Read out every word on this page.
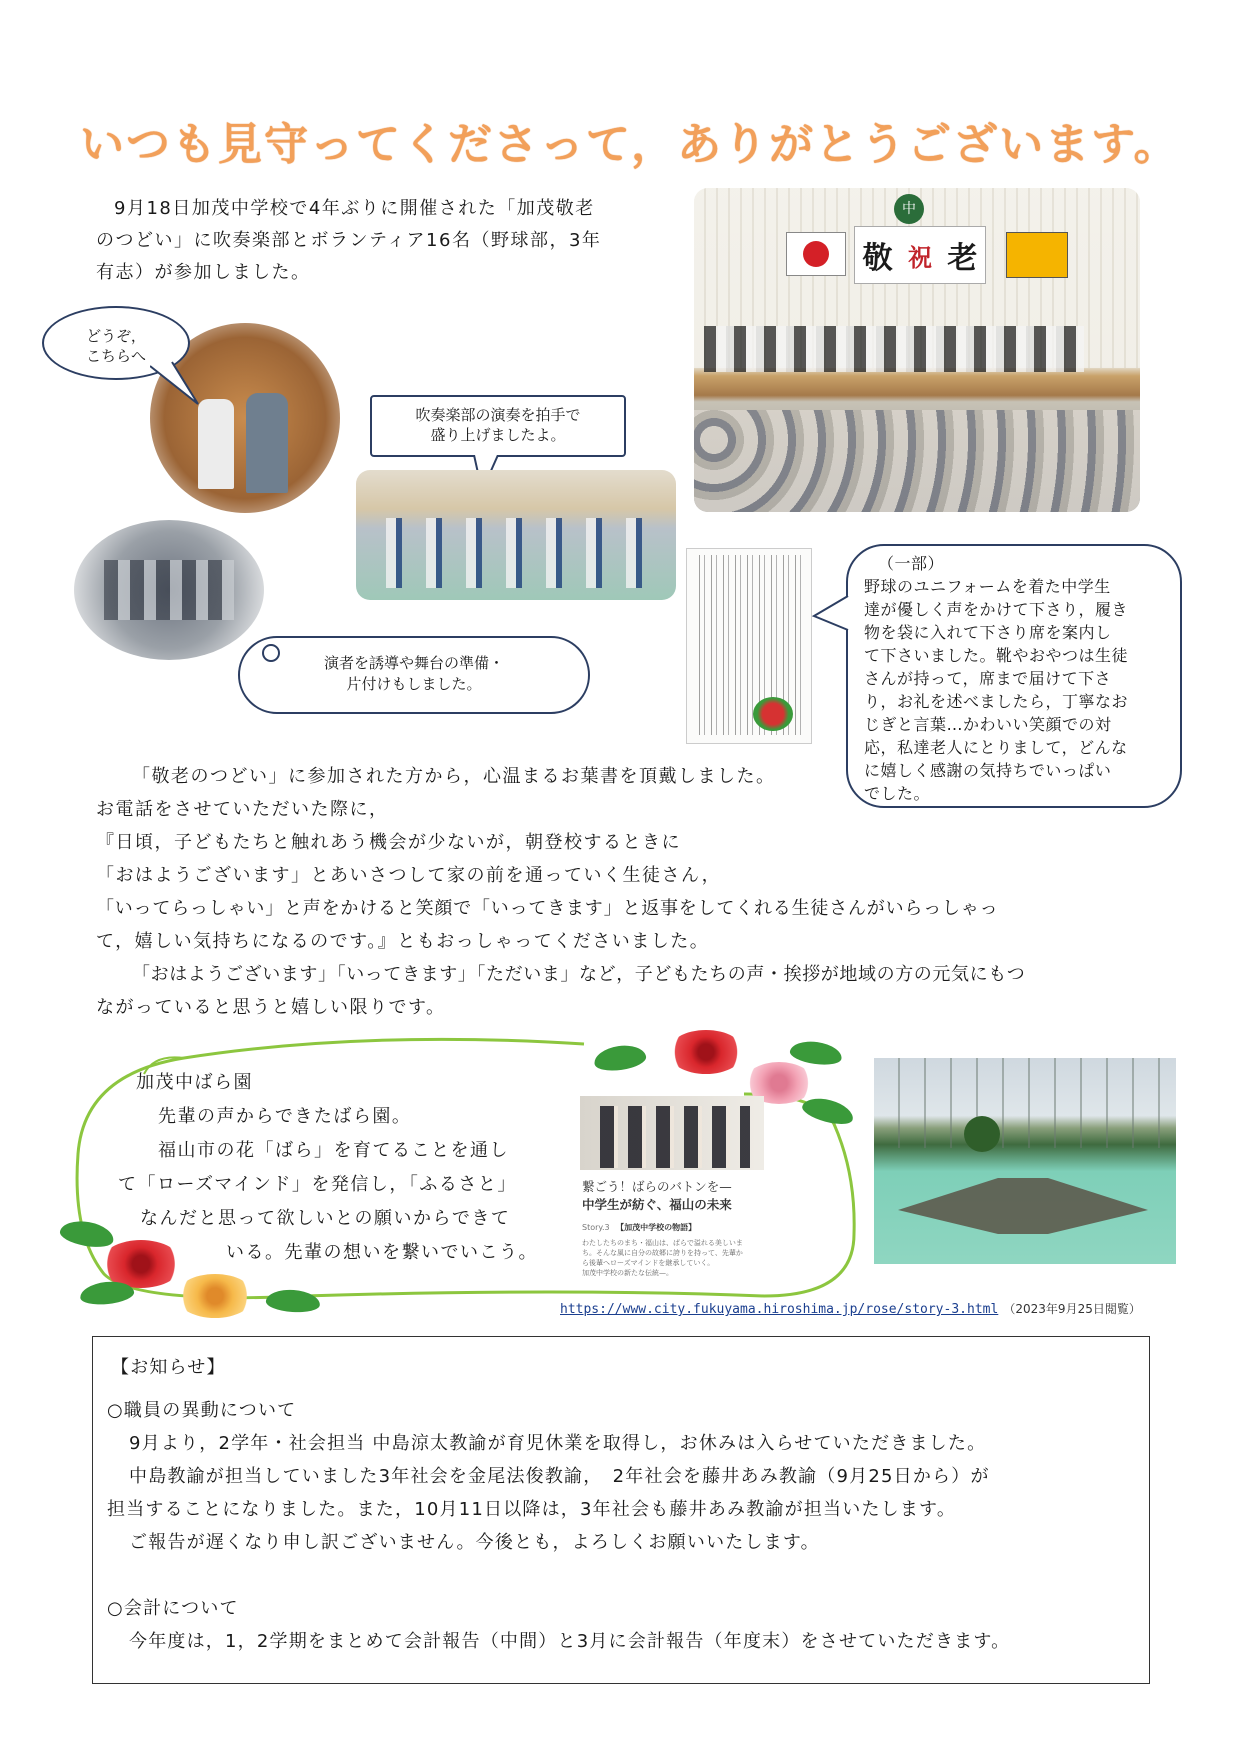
いつも見守ってくださって，ありがとうございます。
9月18日加茂中学校で4年ぶりに開催された「加茂敬老
のつどい」に吹奏楽部とボランティア16名（野球部，3年
有志）が参加しました。
中
敬 祝 老
どうぞ，
こちらへ
吹奏楽部の演奏を拍手で
盛り上げましたよ。
演者を誘導や舞台の準備・
片付けもしました。
（一部）
野球のユニフォームを着た中学生
達が優しく声をかけて下さり，履き
物を袋に入れて下さり席を案内し
て下さいました。靴やおやつは生徒
さんが持って，席まで届けて下さ
り，お礼を述べましたら，丁寧なお
じぎと言葉…かわいい笑顔での対
応，私達老人にとりまして，どんな
に嬉しく感謝の気持ちでいっぱい
でした。
「敬老のつどい」に参加された方から，心温まるお葉書を頂戴しました。
お電話をさせていただいた際に，
『日頃，子どもたちと触れあう機会が少ないが，朝登校するときに
「おはようございます」とあいさつして家の前を通っていく生徒さん，
「いってらっしゃい」と声をかけると笑顔で「いってきます」と返事をしてくれる生徒さんがいらっしゃっ
て，嬉しい気持ちになるのです。』ともおっしゃってくださいました。
「おはようございます」「いってきます」「ただいま」など，子どもたちの声・挨拶が地域の方の元気にもつ
ながっていると思うと嬉しい限りです。
加茂中ばら園
先輩の声からできたばら園。
福山市の花「ばら」を育てることを通し
て「ローズマインド」を発信し，「ふるさと」
なんだと思って欲しいとの願いからできて
いる。先輩の想いを繋いでいこう。
繋ごう！ばらのバトンを—
中学生が紡ぐ、福山の未来
Story.3 【加茂中学校の物語】
わたしたちのまち・福山は、ばらで溢れる美しいま
ち。そんな風に自分の故郷に誇りを持って、先輩か
ら後輩へローズマインドを継承していく。
加茂中学校の新たな伝統—。
https://www.city.fukuyama.hiroshima.jp/rose/story-3.html （2023年9月25日閲覧）

【お知らせ】

○職員の異動について

9月より，2学年・社会担当 中島涼太教諭が育児休業を取得し，お休みは入らせていただきました。

中島教諭が担当していました3年社会を金尾法俊教諭，　2年社会を藤井あみ教諭（9月25日から）が

担当することになりました。また，10月11日以降は，3年社会も藤井あみ教諭が担当いたします。

ご報告が遅くなり申し訳ございません。今後とも，よろしくお願いいたします。

○会計について

今年度は，1，2学期をまとめて会計報告（中間）と3月に会計報告（年度末）をさせていただきます。
